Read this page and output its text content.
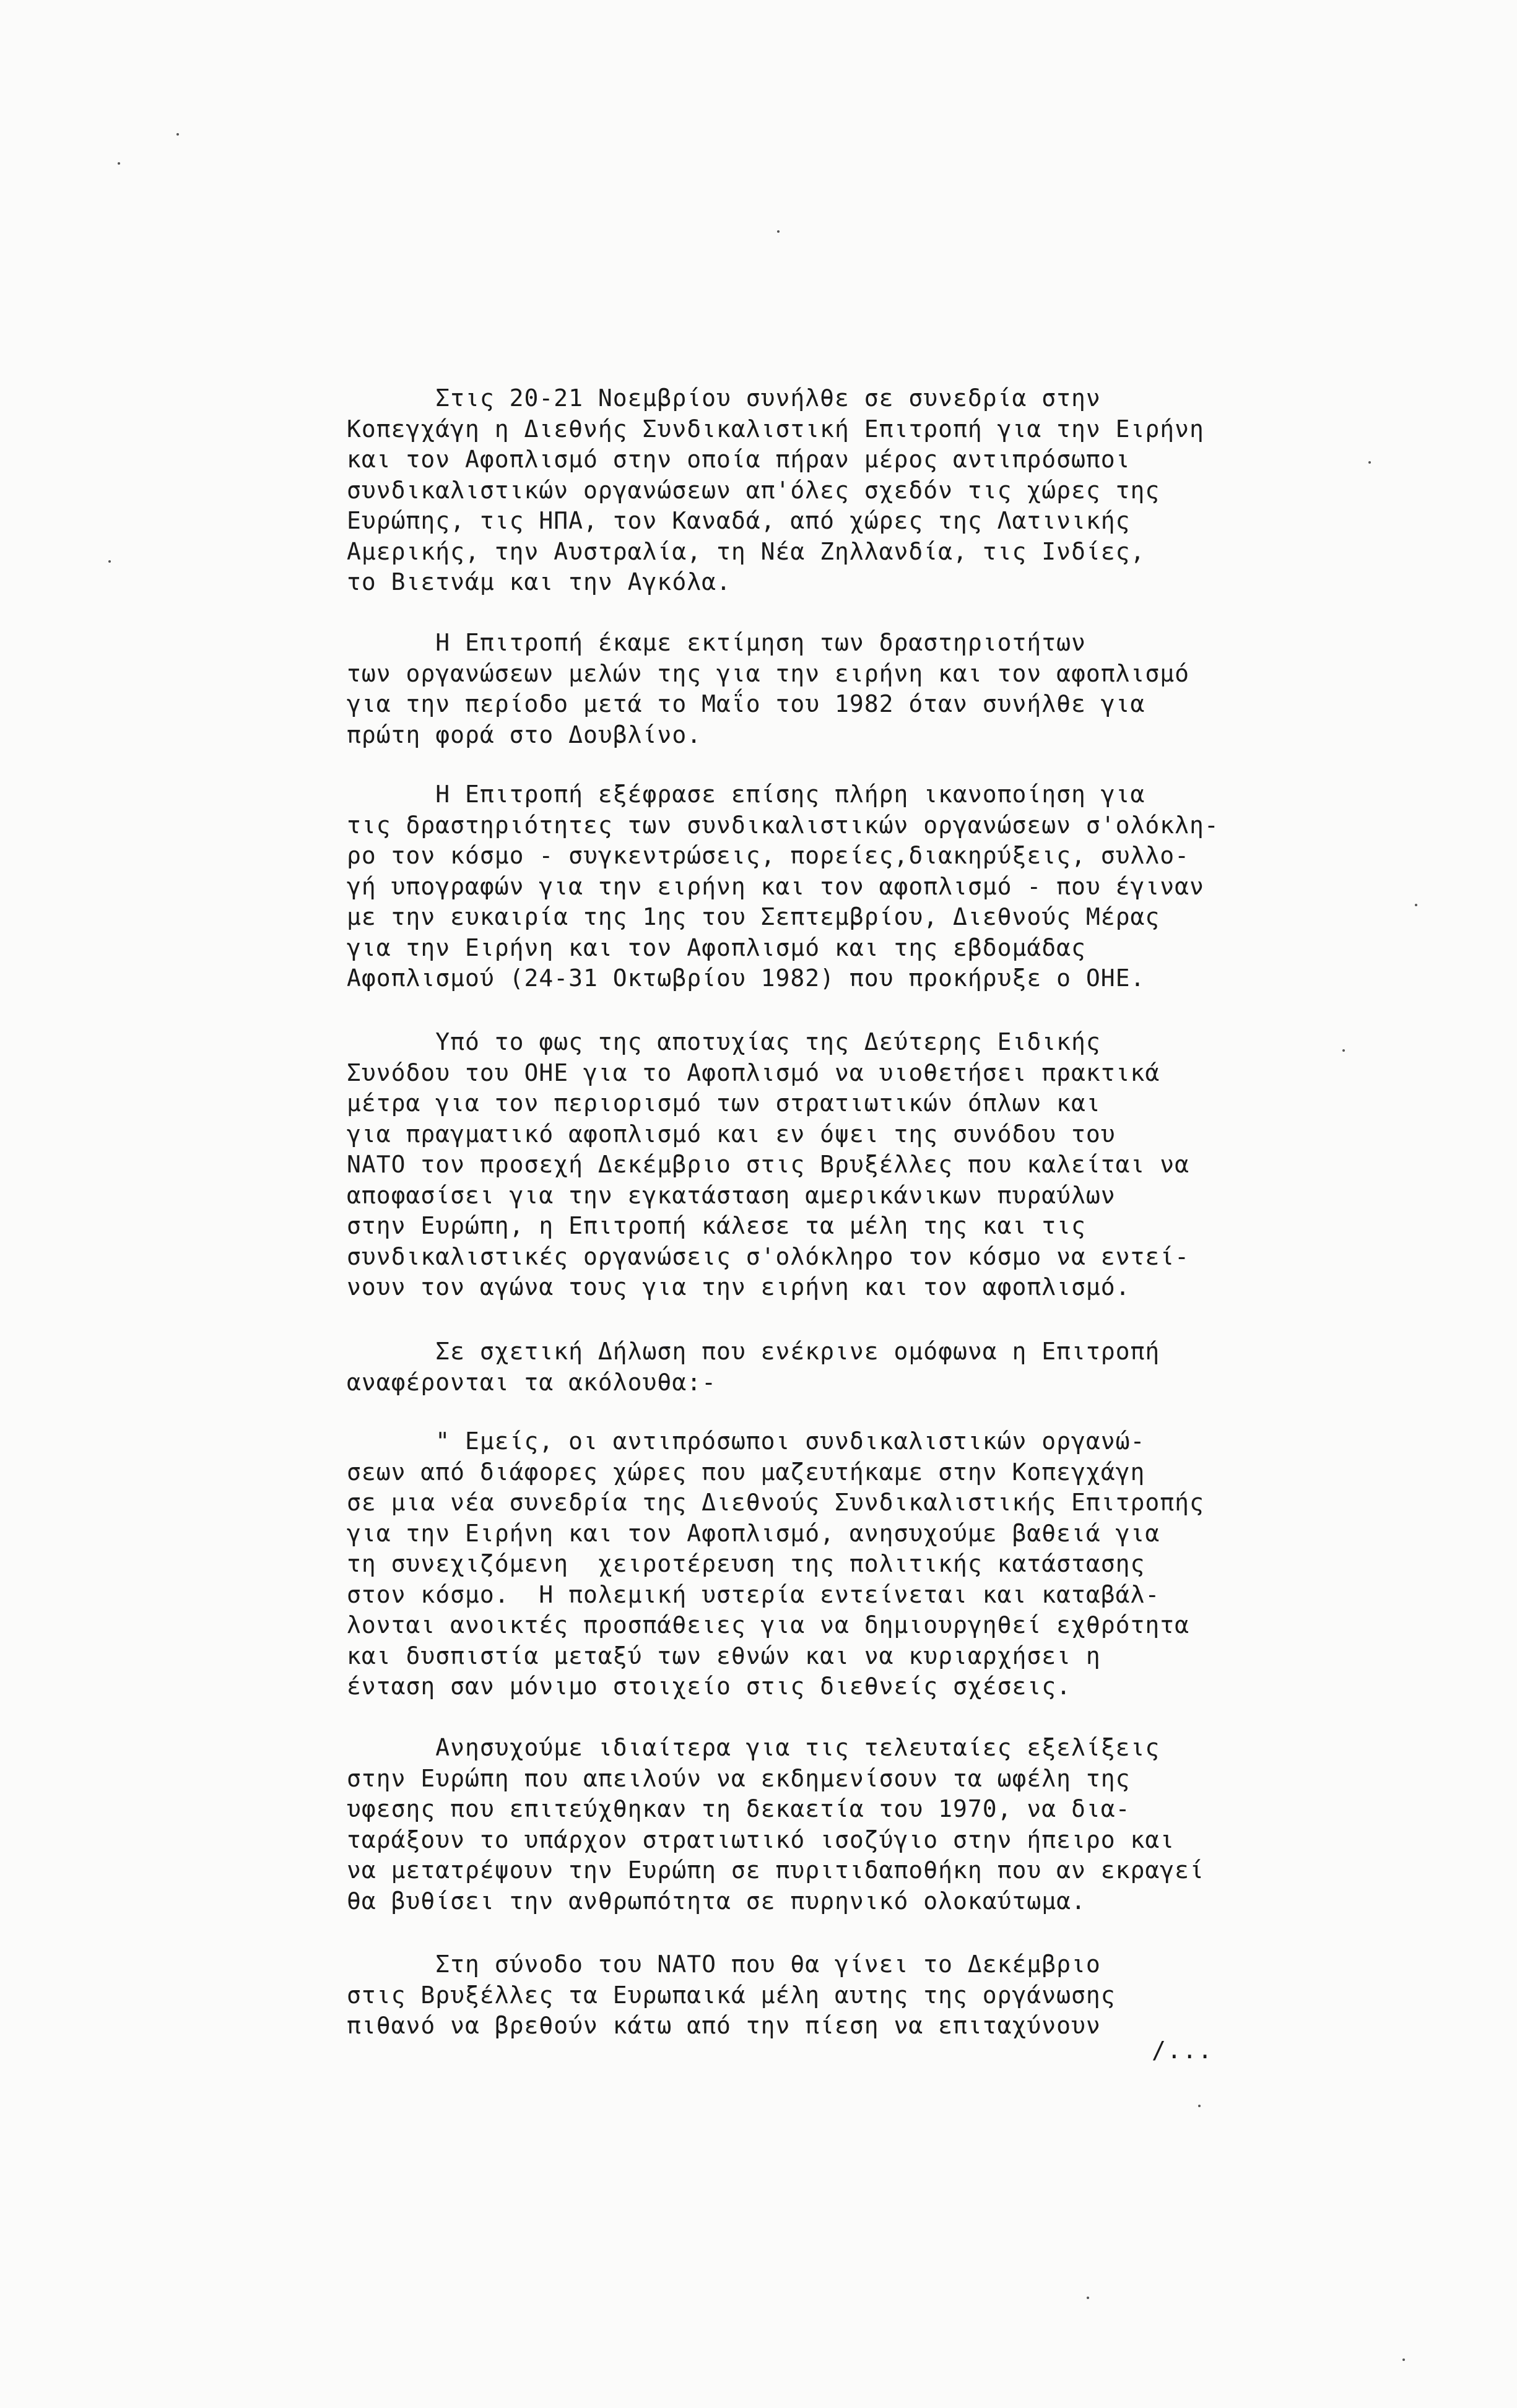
Στις 20-21 Νοεμβρίου συνήλθε σε συνεδρία στην
Κοπεγχάγη η Διεθνής Συνδικαλιστική Επιτροπή για την Ειρήνη
και τον Αφοπλισμό στην οποία πήραν μέρος αντιπρόσωποι
συνδικαλιστικών οργανώσεων απ'όλες σχεδόν τις χώρες της
Ευρώπης, τις ΗΠΑ, τον Καναδά, από χώρες της Λατινικής
Αμερικής, την Αυστραλία, τη Νέα Ζηλλανδία, τις Ινδίες,
το Βιετνάμ και την Αγκόλα.

Η Επιτροπή έκαμε εκτίμηση των δραστηριοτήτων
των οργανώσεων μελών της για την ειρήνη και τον αφοπλισμό
για την περίοδο μετά το Μαΐο του 1982 όταν συνήλθε για
πρώτη φορά στο Δουβλίνο.

Η Επιτροπή εξέφρασε επίσης πλήρη ικανοποίηση για
τις δραστηριότητες των συνδικαλιστικών οργανώσεων σ'ολόκλη-
ρο τον κόσμο - συγκεντρώσεις, πορείες,διακηρύξεις, συλλο-
γή υπογραφών για την ειρήνη και τον αφοπλισμό - που έγιναν
με την ευκαιρία της 1ης του Σεπτεμβρίου, Διεθνούς Μέρας
για την Ειρήνη και τον Αφοπλισμό και της εβδομάδας
Αφοπλισμού (24-31 Οκτωβρίου 1982) που προκήρυξε ο ΟΗΕ.

Υπό το φως της αποτυχίας της Δεύτερης Ειδικής
Συνόδου του ΟΗΕ για το Αφοπλισμό να υιοθετήσει πρακτικά
μέτρα για τον περιορισμό των στρατιωτικών όπλων και
για πραγματικό αφοπλισμό και εν όψει της συνόδου του
ΝΑΤΟ τον προσεχή Δεκέμβριο στις Βρυξέλλες που καλείται να
αποφασίσει για την εγκατάσταση αμερικάνικων πυραύλων
στην Ευρώπη, η Επιτροπή κάλεσε τα μέλη της και τις
συνδικαλιστικές οργανώσεις σ'ολόκληρο τον κόσμο να εντεί-
νουν τον αγώνα τους για την ειρήνη και τον αφοπλισμό.

Σε σχετική Δήλωση που ενέκρινε ομόφωνα η Επιτροπή
αναφέρονται τα ακόλουθα:-

" Εμείς, οι αντιπρόσωποι συνδικαλιστικών οργανώ-
σεων από διάφορες χώρες που μαζευτήκαμε στην Κοπεγχάγη
σε μια νέα συνεδρία της Διεθνούς Συνδικαλιστικής Επιτροπής
για την Ειρήνη και τον Αφοπλισμό, ανησυχούμε βαθειά για
τη συνεχιζόμενη  χειροτέρευση της πολιτικής κατάστασης
στον κόσμο.  Η πολεμική υστερία εντείνεται και καταβάλ-
λονται ανοικτές προσπάθειες για να δημιουργηθεί εχθρότητα
και δυσπιστία μεταξύ των εθνών και να κυριαρχήσει η
ένταση σαν μόνιμο στοιχείο στις διεθνείς σχέσεις.

Ανησυχούμε ιδιαίτερα για τις τελευταίες εξελίξεις
στην Ευρώπη που απειλούν να εκδημενίσουν τα ωφέλη της
υφεσης που επιτεύχθηκαν τη δεκαετία του 1970, να δια-
ταράξουν το υπάρχον στρατιωτικό ισοζύγιο στην ήπειρο και
να μετατρέψουν την Ευρώπη σε πυριτιδαποθήκη που αν εκραγεί
θα βυθίσει την ανθρωπότητα σε πυρηνικό ολοκαύτωμα.

Στη σύνοδο του ΝΑΤΟ που θα γίνει το Δεκέμβριο
στις Βρυξέλλες τα Ευρωπαικά μέλη αυτης της οργάνωσης
πιθανό να βρεθούν κάτω από την πίεση να επιταχύνουν

/...
